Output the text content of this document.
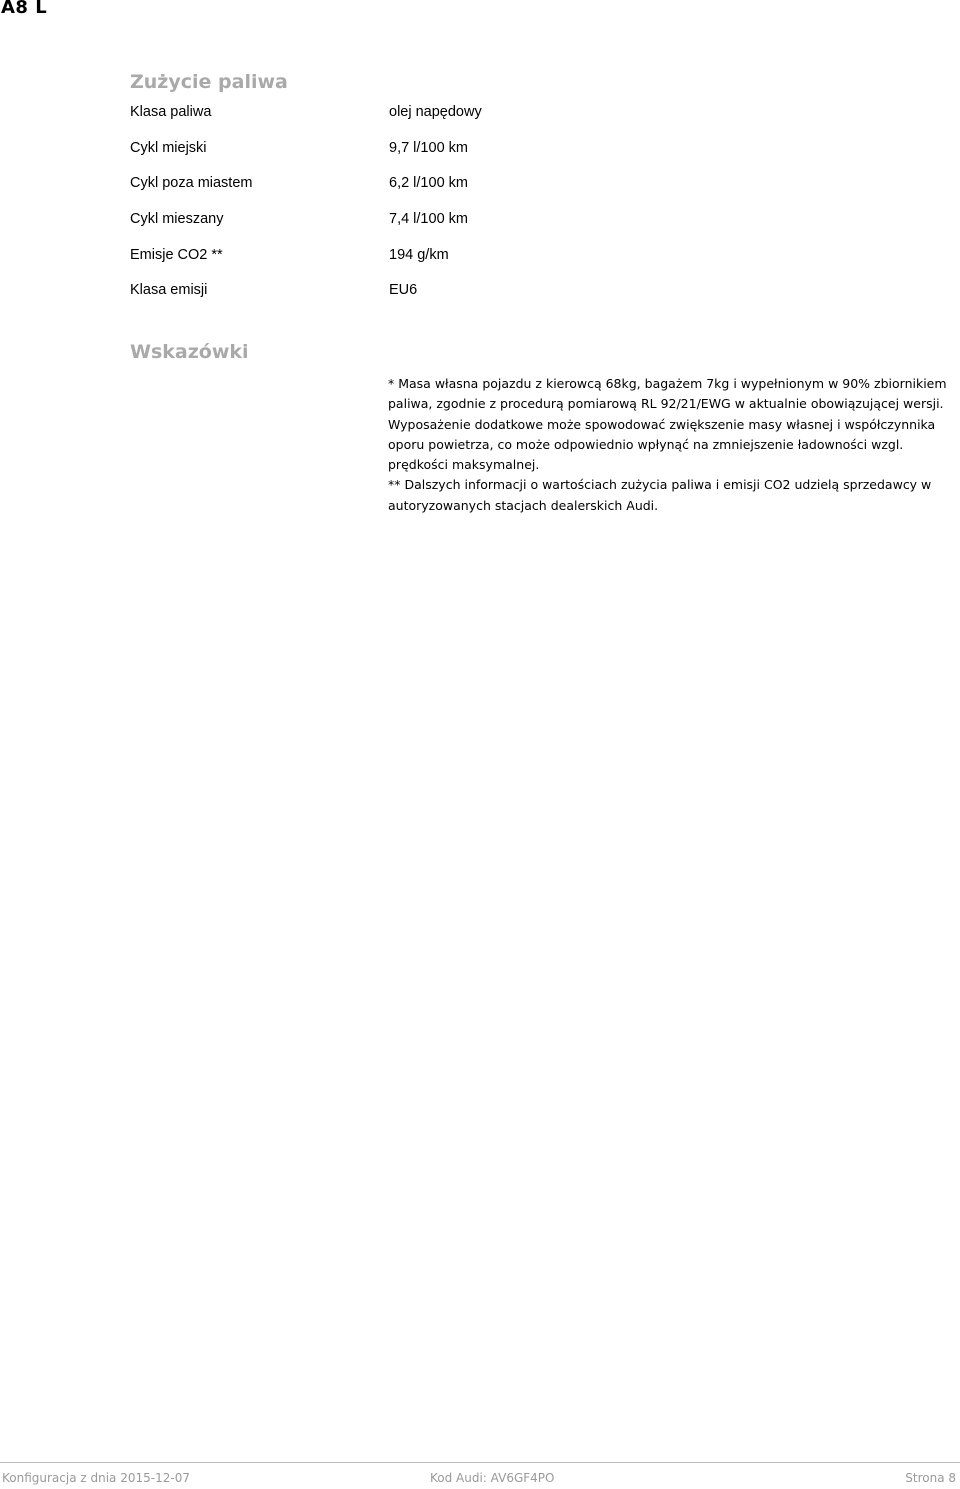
A8 L
Zużycie paliwa
Klasa paliwa	olej napędowy
Cykl miejski	9,7 l/100 km
Cykl poza miastem	6,2 l/100 km
Cykl mieszany	7,4 l/100 km
Emisje CO2 **	194 g/km
Klasa emisji	EU6
Wskazówki

* Masa własna pojazdu z kierowcą 68kg, bagażem 7kg i wypełnionym w 90% zbiornikiem paliwa, zgodnie z procedurą pomiarową RL 92/21/EWG w aktualnie obowiązującej wersji. Wyposażenie dodatkowe może spowodować zwiększenie masy własnej i współczynnika oporu powietrza, co może odpowiednio wpłynąć na zmniejszenie ładowności wzgl. prędkości maksymalnej.

** Dalszych informacji o wartościach zużycia paliwa i emisji CO2 udzielą sprzedawcy w autoryzowanych stacjach dealerskich Audi.

Konfiguracja z dnia 2015-12-07	Kod Audi: AV6GF4PO	Strona 8
